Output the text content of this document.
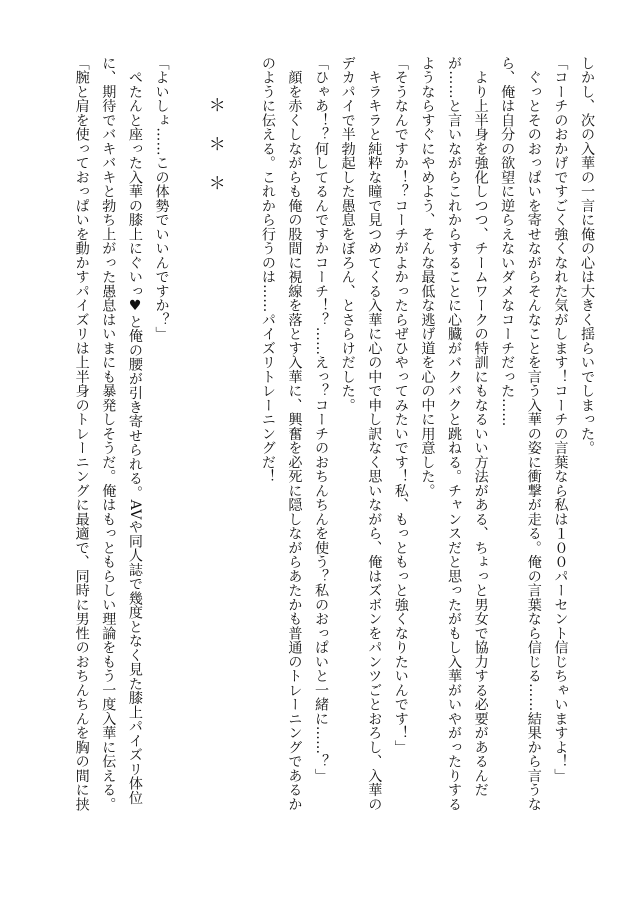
しかし、次の入華の一言に俺の心は大きく揺らいでしまった。
「コーチのおかげですごく強くなれた気がします！コーチの言葉なら私は１００パーセント信じちゃいますよ！」
　ぐっとそのおっぱいを寄せながらそんなことを言う入華の姿に衝撃が走る。俺の言葉なら信じる……結果から言うな
ら、俺は自分の欲望に逆らえないダメなコーチだった……
　より上半身を強化しつつ、チームワークの特訓にもなるいい方法がある、ちょっと男女で協力する必要があるんだ
が……と言いながらこれからすることに心臓がバクバクと跳ねる。チャンスだと思ったがもし入華がいやがったりする
ようならすぐにやめよう、そんな最低な逃げ道を心の中に用意した。
「そうなんですか！？コーチがよかったらぜひやってみたいです！私、もっともっと強くなりたいんです！」
　キラキラと純粋な瞳で見つめてくる入華に心の中で申し訳なく思いながら、俺はズボンをパンツごとおろし、入華の
デカパイで半勃起した愚息をぼろん、とさらけだした。
「ひゃあ！？何してるんですかコーチ！？……えっ？コーチのおちんちんを使う？私のおっぱいと一緒に……？」
　顔を赤くしながらも俺の股間に視線を落とす入華に、興奮を必死に隠しながらあたかも普通のトレーニングであるか
のように伝える。これから行うのは……パイズリトレーニングだ！
＊＊＊
「よいしょ……この体勢でいいんですか？」
　ぺたんと座った入華の膝上にぐいっ♥と俺の腰が引き寄せられる。AVや同人誌で幾度となく見た膝上パイズリ体位
に、期待でバキバキと勃ち上がった愚息はいまにも暴発しそうだ。俺はもっともらしい理論をもう一度入華に伝える。
「腕と肩を使っておっぱいを動かすパイズリは上半身のトレーニングに最適で、同時に男性のおちんちんを胸の間に挟
